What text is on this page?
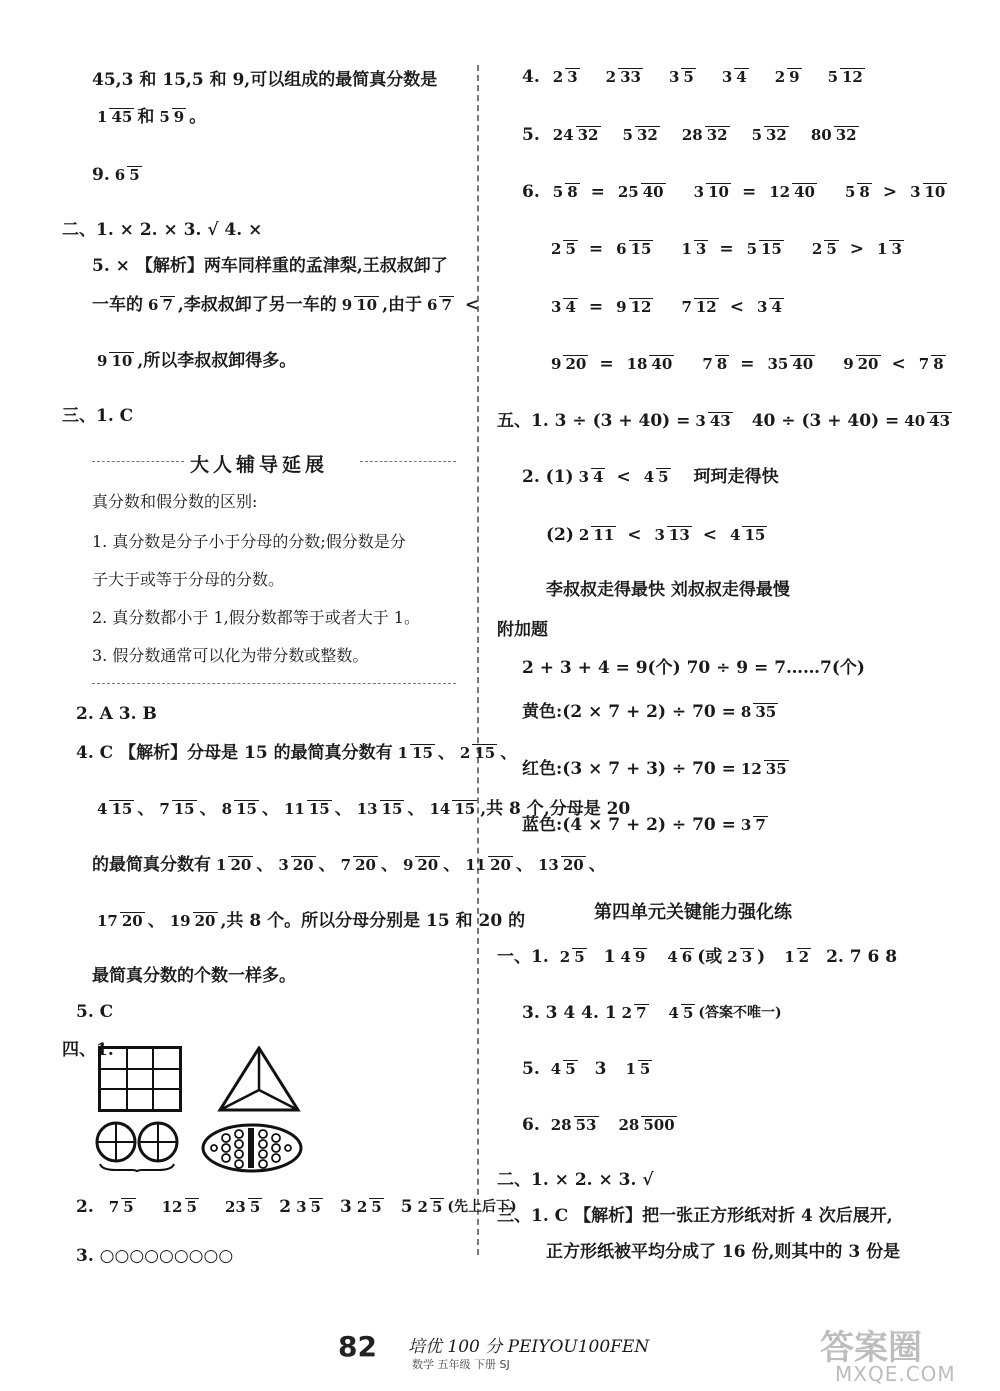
45,3 和 15,5 和 9,可以组成的最简真分数是
1 45 和 5 9 。
9. 6 5
二、1. × 2. × 3. √ 4. ×
5. × 【解析】两车同样重的孟津梨,王叔叔卸了
一车的 6 7 ,李叔叔卸了另一车的 9 10 ,由于 6 7 <
9 10 ,所以李叔叔卸得多。
三、1. C
大人辅导延展
真分数和假分数的区别:
1. 真分数是分子小于分母的分数;假分数是分
子大于或等于分母的分数。
2. 真分数都小于 1,假分数都等于或者大于 1。
3. 假分数通常可以化为带分数或整数。
2. A 3. B
4. C 【解析】分母是 15 的最简真分数有 1 15 、 2 15 、
4 15 、 7 15 、 8 15 、 11 15 、 13 15 、 14 15 ,共 8 个,分母是 20
的最简真分数有 1 20 、 3 20 、 7 20 、 9 20 、 11 20 、 13 20 、
17 20 、 19 20 ,共 8 个。所以分母分别是 15 和 20 的
最简真分数的个数一样多。
5. C
四、1.
2. 7 5 12 5 23 5 2 3 5 3 2 5 5 2 5 (先上后下)
3. ○○○○○○○○○
4. 2 3 2 33 3 5 3 4 2 9 5 12
5. 24 32 5 32 28 32 5 32 80 32
6. 5 8 = 25 40 3 10 = 12 40 5 8 > 3 10
2 5 = 6 15 1 3 = 5 15 2 5 > 1 3
3 4 = 9 12 7 12 < 3 4
9 20 = 18 40 7 8 = 35 40 9 20 < 7 8
五、1. 3 ÷ (3 + 40) = 3 43 40 ÷ (3 + 40) = 40 43
2. (1) 3 4 < 4 5 珂珂走得快
(2) 2 11 < 3 13 < 4 15
李叔叔走得最快 刘叔叔走得最慢
附加题
2 + 3 + 4 = 9(个) 70 ÷ 9 = 7……7(个)
黄色:(2 × 7 + 2) ÷ 70 = 8 35
红色:(3 × 7 + 3) ÷ 70 = 12 35
蓝色:(4 × 7 + 2) ÷ 70 = 3 7
第四单元关键能力强化练
一、1. 2 5 1 4 9 4 6 (或 2 3 ) 1 2 2. 7 6 8
3. 3 4 4. 1 2 7 4 5 (答案不唯一)
5. 4 5 3 1 5
6. 28 53 28 500
二、1. × 2. × 3. √
三、1. C 【解析】把一张正方形纸对折 4 次后展开,
正方形纸被平均分成了 16 份,则其中的 3 份是
82 培优 100 分 PEIYOU100FEN
数学 五年级 下册 SJ	答案圈
MXQE.COM
